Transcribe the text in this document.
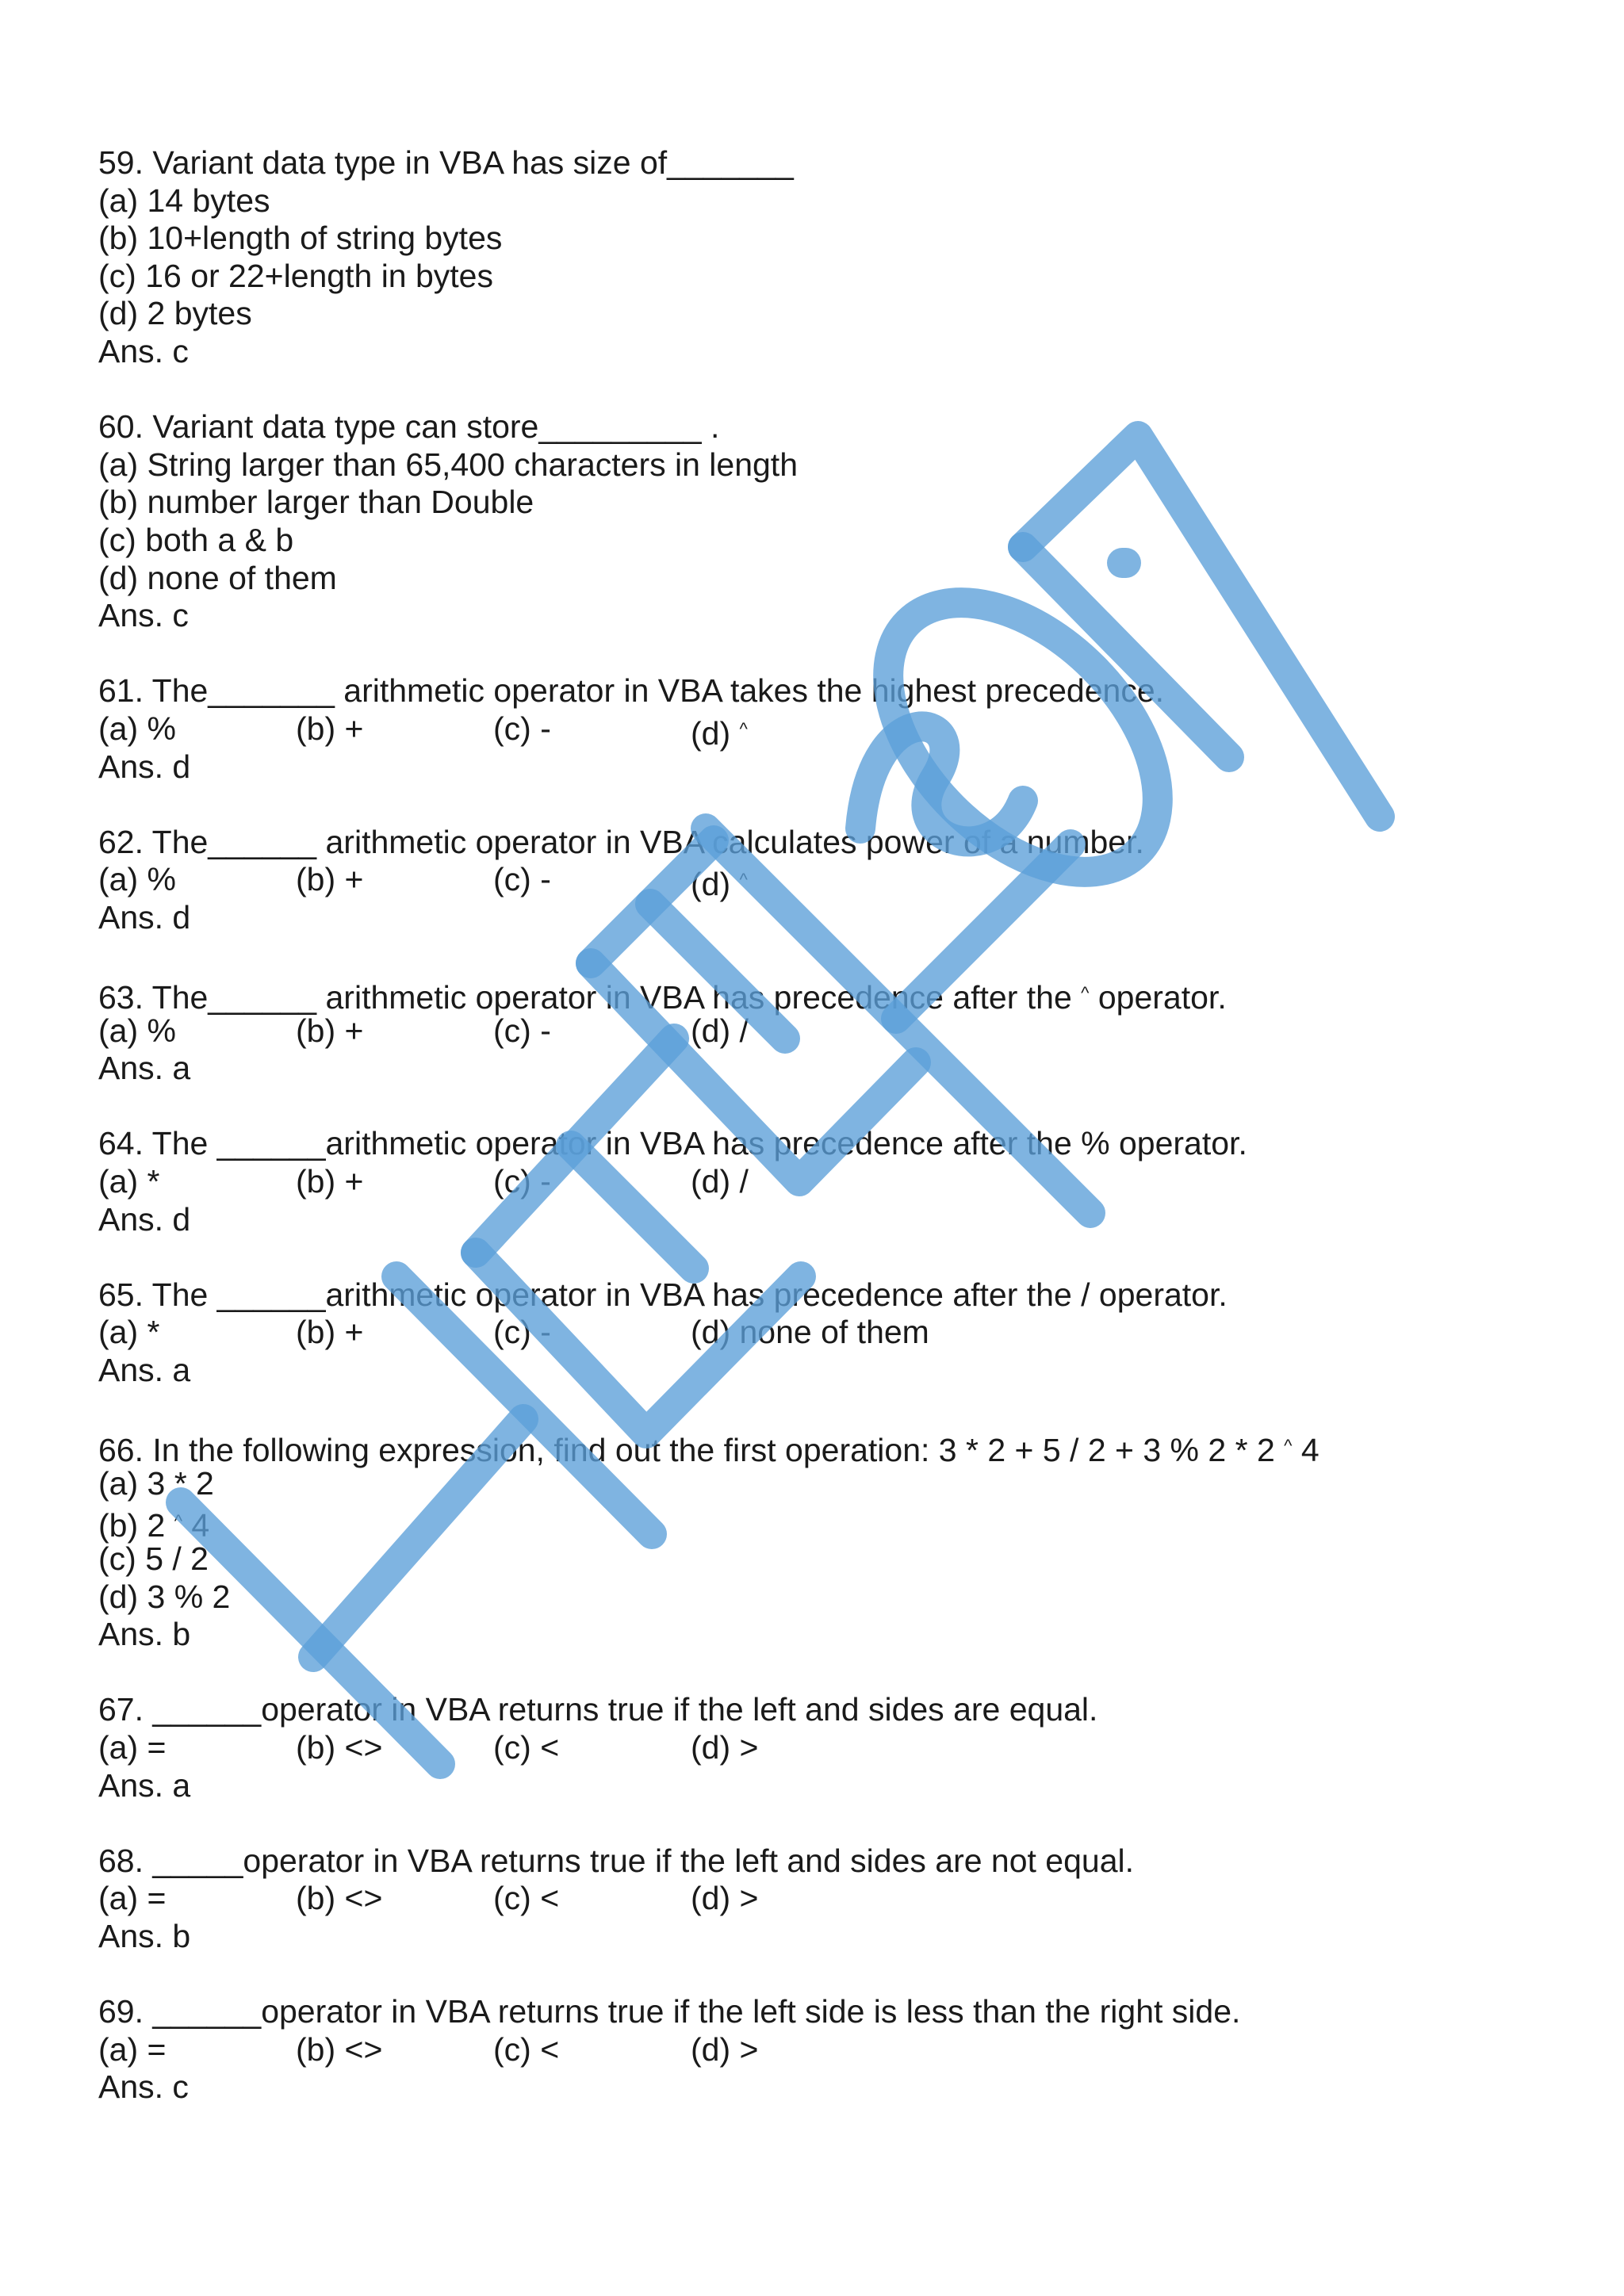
59. Variant data type in VBA has size of_______
(a) 14 bytes
(b) 10+length of string bytes
(c) 16 or 22+length in bytes
(d) 2 bytes
Ans. c
60. Variant data type can store_________ .
(a) String larger than 65,400 characters in length
(b) number larger than Double
(c) both a & b
(d) none of them
Ans. c
61. The_______ arithmetic operator in VBA takes the highest precedence.
(a) %	(b) +	(c) -	(d) ^
Ans. d
62. The______ arithmetic operator in VBA calculates power of a number.
(a) %	(b) +	(c) -	(d) ^
Ans. d
63. The______ arithmetic operator in VBA has precedence after the ^ operator.
(a) %	(b) +	(c) -	(d) /
Ans. a
64. The ______arithmetic operator in VBA has precedence after the % operator.
(a) *	(b) +	(c) -	(d) /
Ans. d
65. The ______arithmetic operator in VBA has precedence after the / operator.
(a) *	(b) +	(c) -	(d) none of them
Ans. a
66. In the following expression, find out the first operation: 3 * 2 + 5 / 2 + 3 % 2 * 2 ^ 4
(a) 3 * 2
(b) 2 ^ 4
(c) 5 / 2
(d) 3 % 2
Ans. b
67. ______operator in VBA returns true if the left and sides are equal.
(a) =	(b) <>	(c) <	(d) >
Ans. a
68. _____operator in VBA returns true if the left and sides are not equal.
(a) =	(b) <>	(c) <	(d) >
Ans. b
69. ______operator in VBA returns true if the left side is less than the right side.
(a) =	(b) <>	(c) <	(d) >
Ans. c
